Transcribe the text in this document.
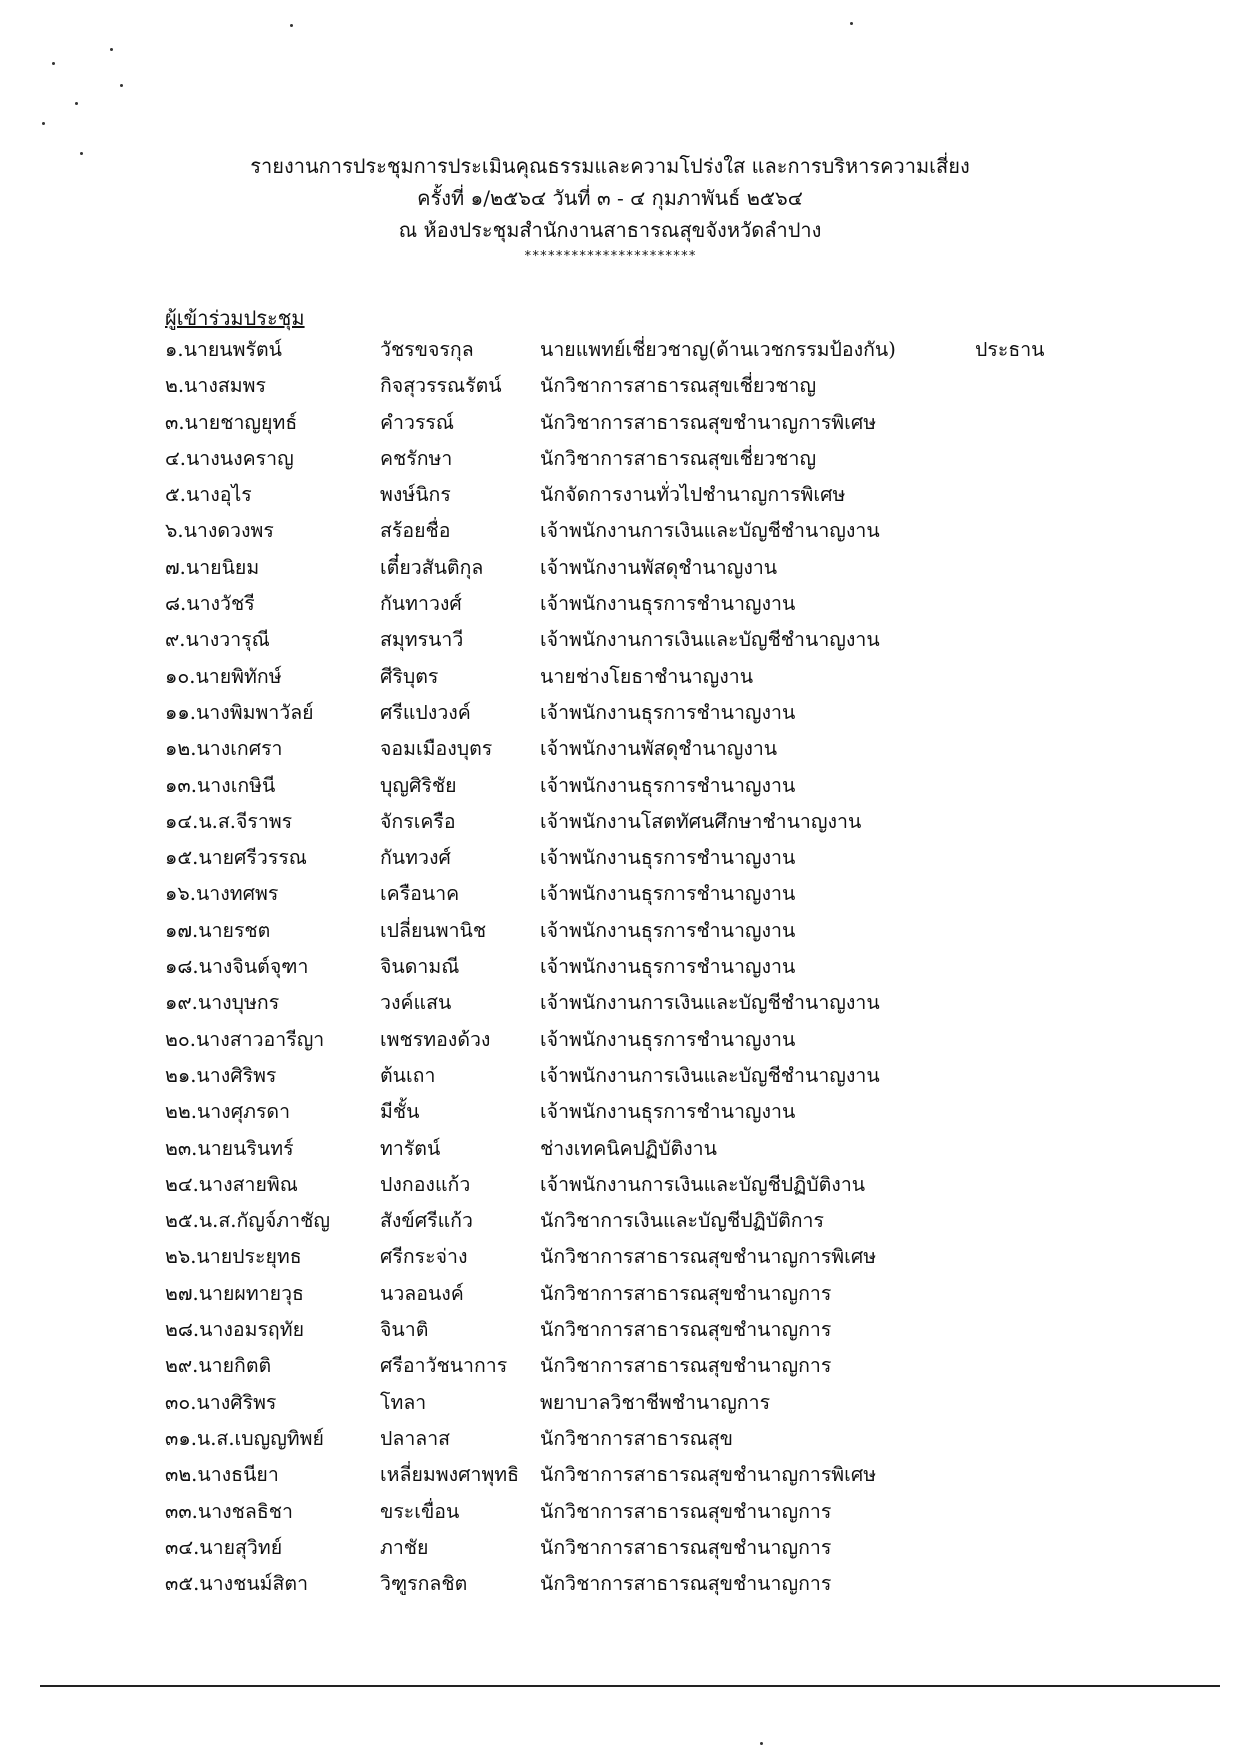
รายงานการประชุมการประเมินคุณธรรมและความโปร่งใส และการบริหารความเสี่ยง
ครั้งที่ ๑/๒๕๖๔ วันที่ ๓ - ๔ กุมภาพันธ์ ๒๕๖๔
ณ ห้องประชุมสำนักงานสาธารณสุขจังหวัดลำปาง
**********************
ผู้เข้าร่วมประชุม
๑.นายนพรัตน์	วัชรขจรกุล	นายแพทย์เชี่ยวชาญ(ด้านเวชกรรมป้องกัน)	ประธาน
๒.นางสมพร	กิจสุวรรณรัตน์	นักวิชาการสาธารณสุขเชี่ยวชาญ
๓.นายชาญยุทธ์	คำวรรณ์	นักวิชาการสาธารณสุขชำนาญการพิเศษ
๔.นางนงคราญ	คชรักษา	นักวิชาการสาธารณสุขเชี่ยวชาญ
๕.นางอุไร	พงษ์นิกร	นักจัดการงานทั่วไปชำนาญการพิเศษ
๖.นางดวงพร	สร้อยชื่อ	เจ้าพนักงานการเงินและบัญชีชำนาญงาน
๗.นายนิยม	เตี๋ยวสันติกุล	เจ้าพนักงานพัสดุชำนาญงาน
๘.นางวัชรี	กันทาวงศ์	เจ้าพนักงานธุรการชำนาญงาน
๙.นางวารุณี	สมุทรนาวี	เจ้าพนักงานการเงินและบัญชีชำนาญงาน
๑๐.นายพิทักษ์	ศีริบุตร	นายช่างโยธาชำนาญงาน
๑๑.นางพิมพาวัลย์	ศรีแปงวงค์	เจ้าพนักงานธุรการชำนาญงาน
๑๒.นางเกศรา	จอมเมืองบุตร	เจ้าพนักงานพัสดุชำนาญงาน
๑๓.นางเกษินี	บุญศิริชัย	เจ้าพนักงานธุรการชำนาญงาน
๑๔.น.ส.จีราพร	จักรเครือ	เจ้าพนักงานโสตทัศนศึกษาชำนาญงาน
๑๕.นายศรีวรรณ	กันทวงศ์	เจ้าพนักงานธุรการชำนาญงาน
๑๖.นางทศพร	เครือนาค	เจ้าพนักงานธุรการชำนาญงาน
๑๗.นายรชต	เปลี่ยนพานิช	เจ้าพนักงานธุรการชำนาญงาน
๑๘.นางจินต์จุฑา	จินดามณี	เจ้าพนักงานธุรการชำนาญงาน
๑๙.นางบุษกร	วงค์แสน	เจ้าพนักงานการเงินและบัญชีชำนาญงาน
๒๐.นางสาวอารีญา	เพชรทองด้วง	เจ้าพนักงานธุรการชำนาญงาน
๒๑.นางศิริพร	ต้นเถา	เจ้าพนักงานการเงินและบัญชีชำนาญงาน
๒๒.นางศุภรดา	มีชั้น	เจ้าพนักงานธุรการชำนาญงาน
๒๓.นายนรินทร์	ทารัตน์	ช่างเทคนิคปฏิบัติงาน
๒๔.นางสายพิณ	ปงกองแก้ว	เจ้าพนักงานการเงินและบัญชีปฏิบัติงาน
๒๕.น.ส.กัญจ์ภาชัญ	สังข์ศรีแก้ว	นักวิชาการเงินและบัญชีปฏิบัติการ
๒๖.นายประยุทธ	ศรีกระจ่าง	นักวิชาการสาธารณสุขชำนาญการพิเศษ
๒๗.นายผทายวุธ	นวลอนงค์	นักวิชาการสาธารณสุขชำนาญการ
๒๘.นางอมรฤทัย	จินาติ	นักวิชาการสาธารณสุขชำนาญการ
๒๙.นายกิตติ	ศรีอาวัชนาการ	นักวิชาการสาธารณสุขชำนาญการ
๓๐.นางศิริพร	โทลา	พยาบาลวิชาชีพชำนาญการ
๓๑.น.ส.เบญญทิพย์	ปลาลาส	นักวิชาการสาธารณสุข
๓๒.นางธนียา	เหลี่ยมพงศาพุทธิ	นักวิชาการสาธารณสุขชำนาญการพิเศษ
๓๓.นางชลธิชา	ขระเขื่อน	นักวิชาการสาธารณสุขชำนาญการ
๓๔.นายสุวิทย์	ภาชัย	นักวิชาการสาธารณสุขชำนาญการ
๓๕.นางชนม์สิตา	วิฑูรกลชิต	นักวิชาการสาธารณสุขชำนาญการ
